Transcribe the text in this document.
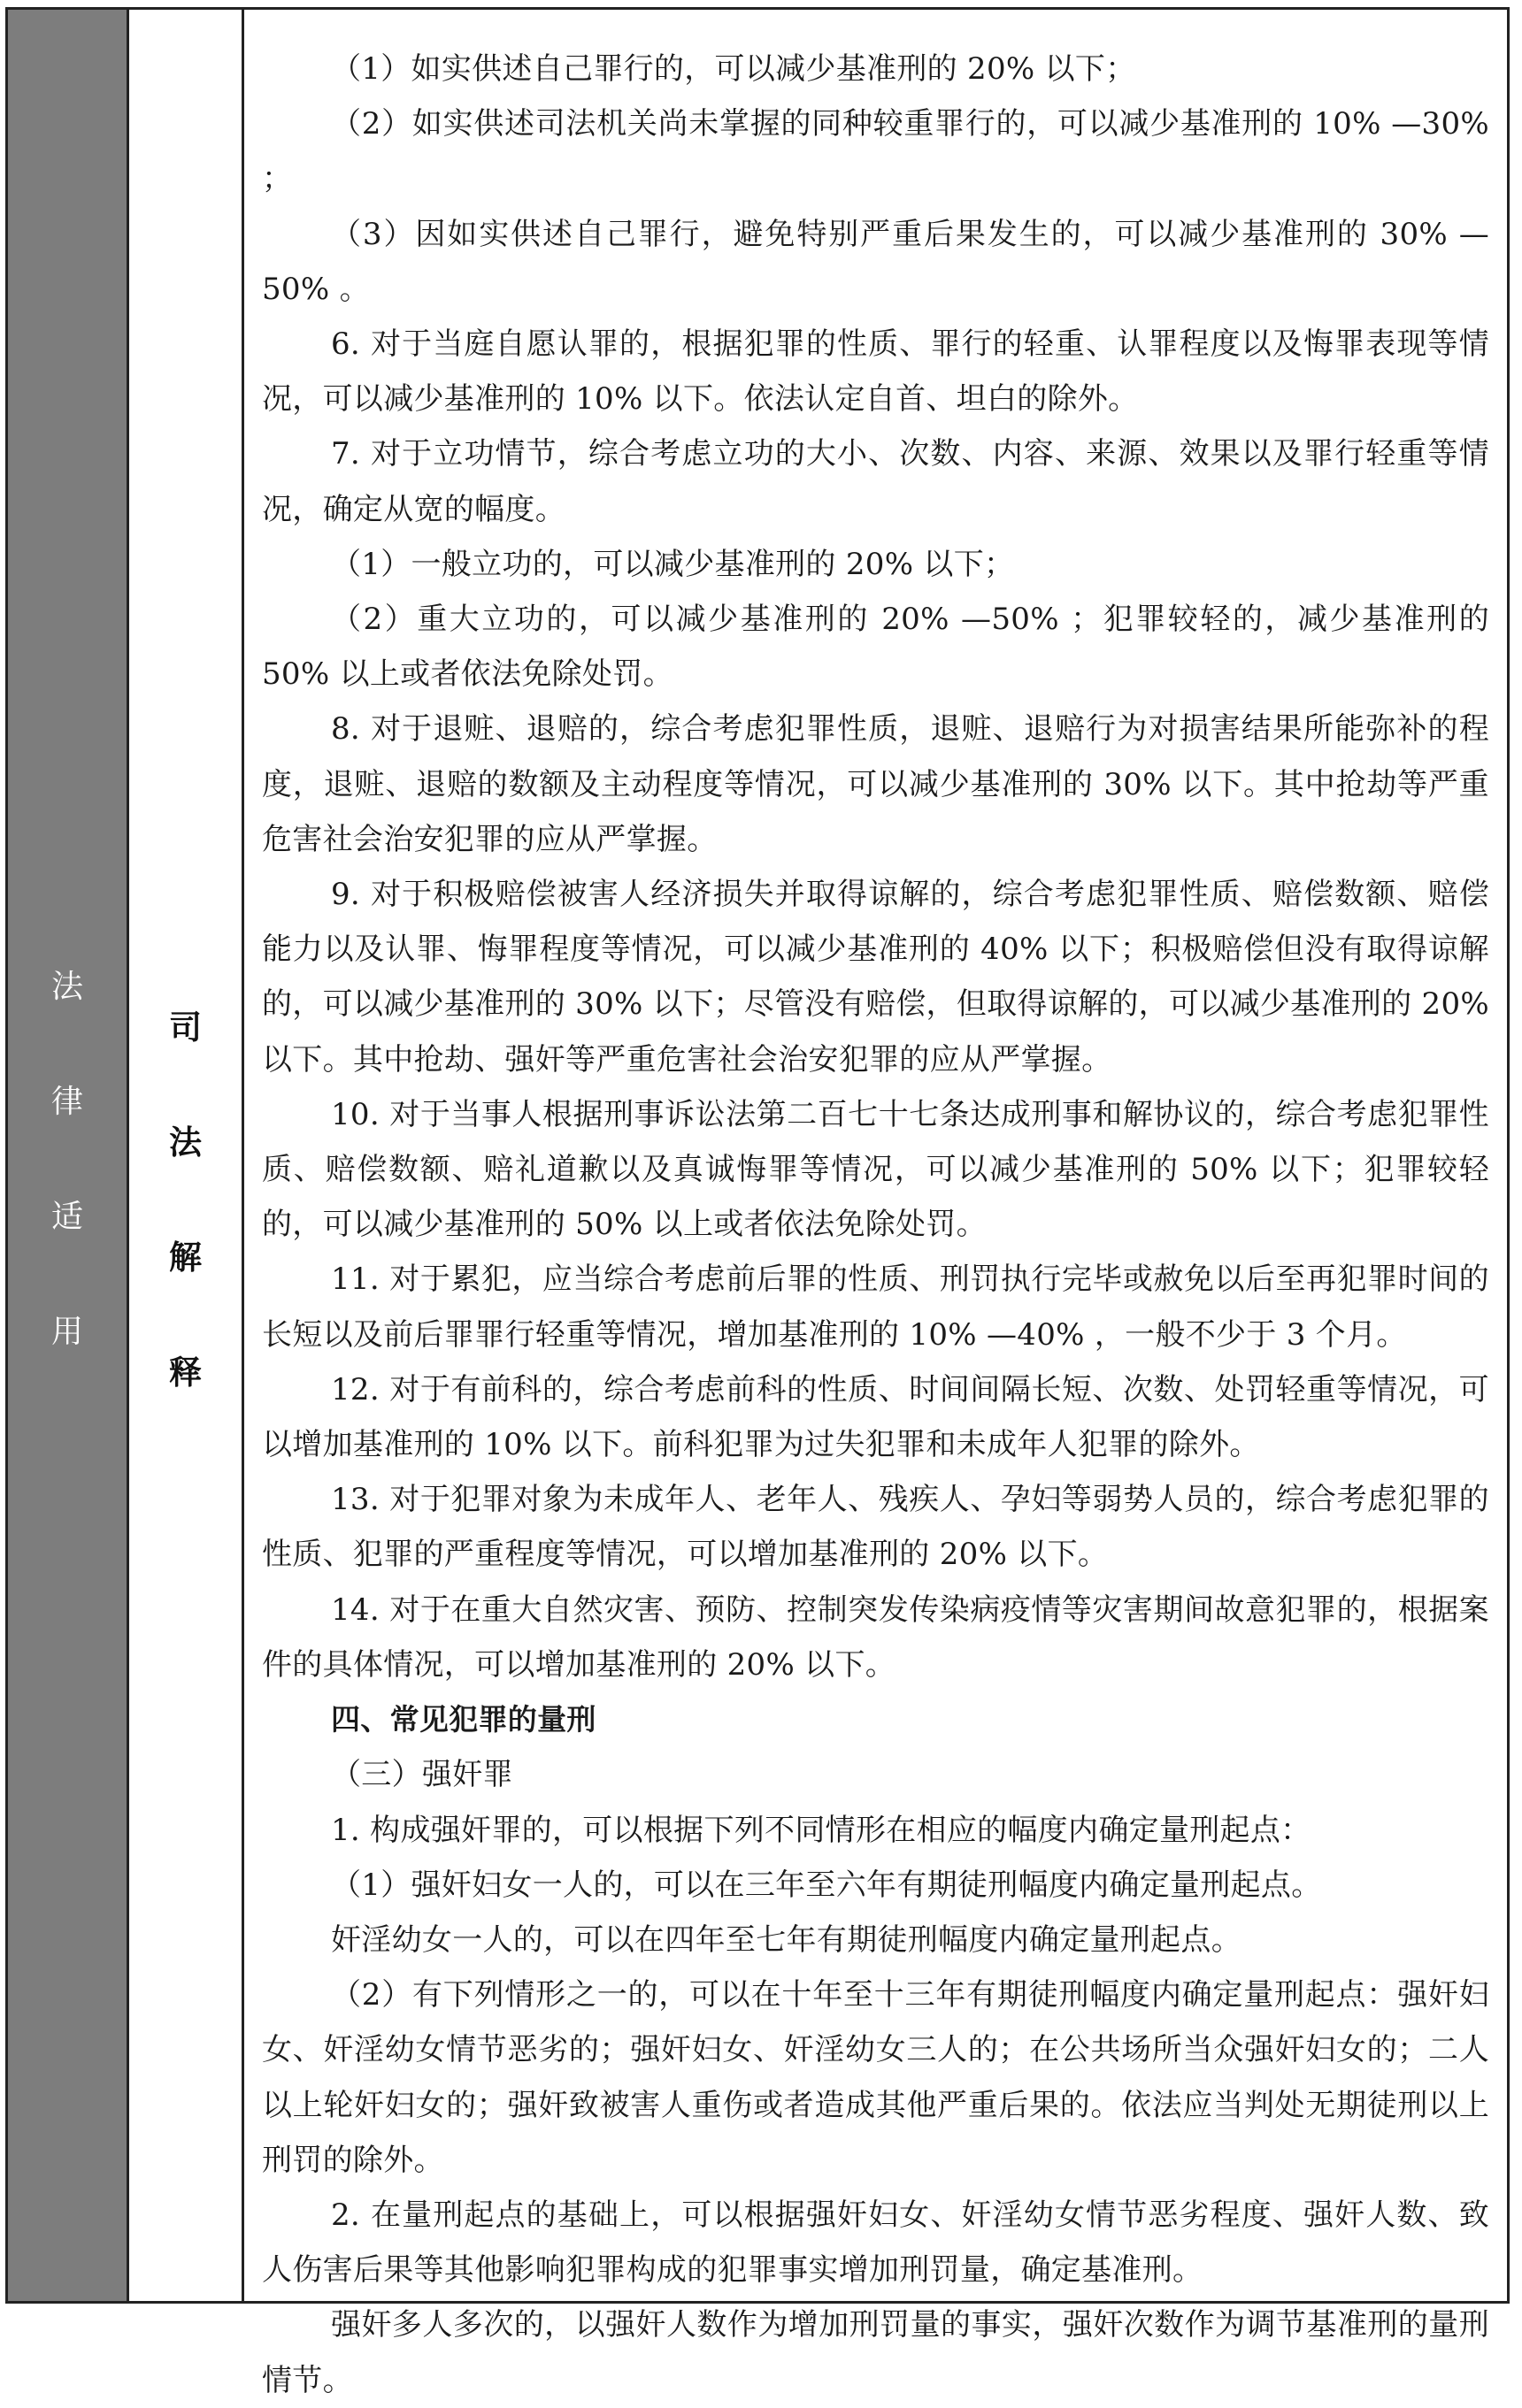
法
律
适
用
司
法
解
释

（1）如实供述自己罪行的，可以减少基准刑的 20% 以下；

（2）如实供述司法机关尚未掌握的同种较重罪行的，可以减少基准刑的 10% —30% ；

（3）因如实供述自己罪行，避免特别严重后果发生的，可以减少基准刑的 30% —50% 。

6. 对于当庭自愿认罪的，根据犯罪的性质、罪行的轻重、认罪程度以及悔罪表现等情况，可以减少基准刑的 10% 以下。依法认定自首、坦白的除外。

7. 对于立功情节，综合考虑立功的大小、次数、内容、来源、效果以及罪行轻重等情况，确定从宽的幅度。

（1）一般立功的，可以减少基准刑的 20% 以下；

（2）重大立功的，可以减少基准刑的 20% —50% ；犯罪较轻的，减少基准刑的 50% 以上或者依法免除处罚。

8. 对于退赃、退赔的，综合考虑犯罪性质，退赃、退赔行为对损害结果所能弥补的程度，退赃、退赔的数额及主动程度等情况，可以减少基准刑的 30% 以下。其中抢劫等严重危害社会治安犯罪的应从严掌握。

9. 对于积极赔偿被害人经济损失并取得谅解的，综合考虑犯罪性质、赔偿数额、赔偿能力以及认罪、悔罪程度等情况，可以减少基准刑的 40% 以下；积极赔偿但没有取得谅解的，可以减少基准刑的 30% 以下；尽管没有赔偿，但取得谅解的，可以减少基准刑的 20% 以下。其中抢劫、强奸等严重危害社会治安犯罪的应从严掌握。

10. 对于当事人根据刑事诉讼法第二百七十七条达成刑事和解协议的，综合考虑犯罪性质、赔偿数额、赔礼道歉以及真诚悔罪等情况，可以减少基准刑的 50% 以下；犯罪较轻的，可以减少基准刑的 50% 以上或者依法免除处罚。

11. 对于累犯，应当综合考虑前后罪的性质、刑罚执行完毕或赦免以后至再犯罪时间的长短以及前后罪罪行轻重等情况，增加基准刑的 10% —40% ，一般不少于 3 个月。

12. 对于有前科的，综合考虑前科的性质、时间间隔长短、次数、处罚轻重等情况，可以增加基准刑的 10% 以下。前科犯罪为过失犯罪和未成年人犯罪的除外。

13. 对于犯罪对象为未成年人、老年人、残疾人、孕妇等弱势人员的，综合考虑犯罪的性质、犯罪的严重程度等情况，可以增加基准刑的 20% 以下。

14. 对于在重大自然灾害、预防、控制突发传染病疫情等灾害期间故意犯罪的，根据案件的具体情况，可以增加基准刑的 20% 以下。

四、常见犯罪的量刑

（三）强奸罪

1. 构成强奸罪的，可以根据下列不同情形在相应的幅度内确定量刑起点：

（1）强奸妇女一人的，可以在三年至六年有期徒刑幅度内确定量刑起点。

奸淫幼女一人的，可以在四年至七年有期徒刑幅度内确定量刑起点。

（2）有下列情形之一的，可以在十年至十三年有期徒刑幅度内确定量刑起点：强奸妇女、奸淫幼女情节恶劣的；强奸妇女、奸淫幼女三人的；在公共场所当众强奸妇女的；二人以上轮奸妇女的；强奸致被害人重伤或者造成其他严重后果的。依法应当判处无期徒刑以上刑罚的除外。

2. 在量刑起点的基础上，可以根据强奸妇女、奸淫幼女情节恶劣程度、强奸人数、致人伤害后果等其他影响犯罪构成的犯罪事实增加刑罚量，确定基准刑。

强奸多人多次的，以强奸人数作为增加刑罚量的事实，强奸次数作为调节基准刑的量刑情节。
